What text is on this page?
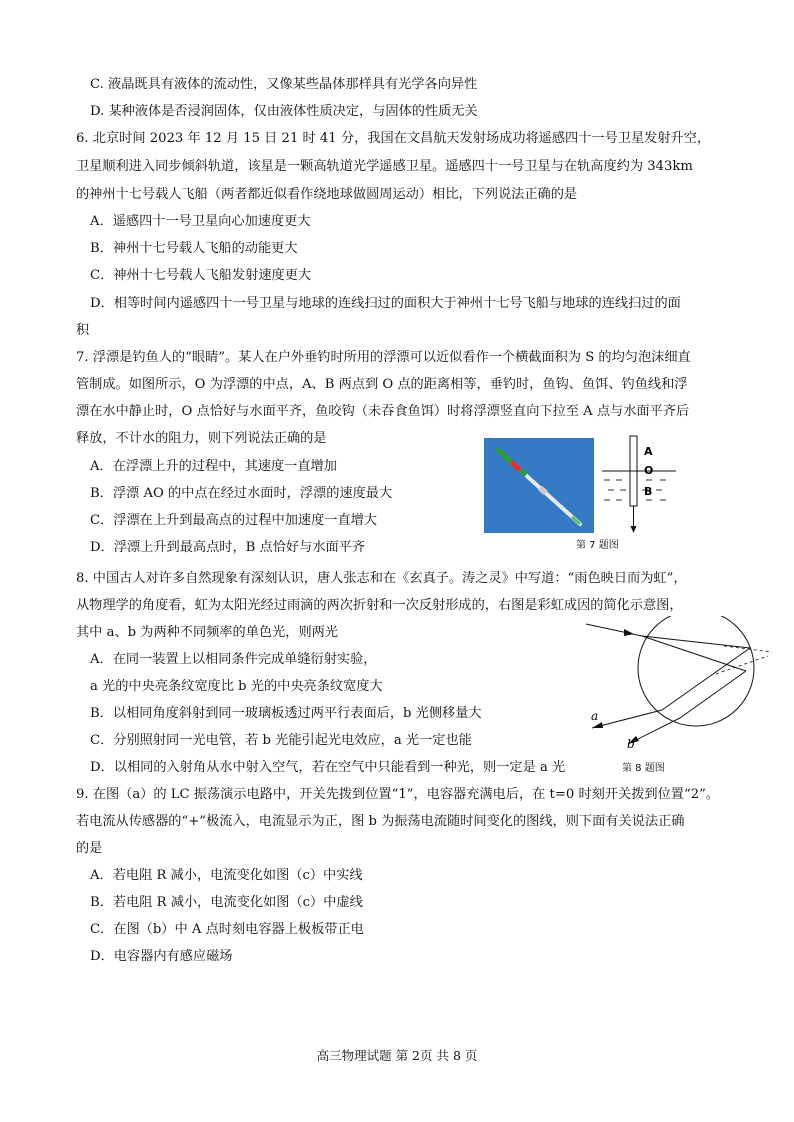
C. 液晶既具有液体的流动性，又像某些晶体那样具有光学各向异性
D. 某种液体是否浸润固体，仅由液体性质决定，与固体的性质无关
6. 北京时间 2023 年 12 月 15 日 21 时 41 分，我国在文昌航天发射场成功将遥感四十一号卫星发射升空，
卫星顺利进入同步倾斜轨道，该星是一颗高轨道光学遥感卫星。遥感四十一号卫星与在轨高度约为 343km
的神州十七号载人飞船（两者都近似看作绕地球做圆周运动）相比，下列说法正确的是
A．遥感四十一号卫星向心加速度更大
B．神州十七号载人飞船的动能更大
C．神州十七号载人飞船发射速度更大
D．相等时间内遥感四十一号卫星与地球的连线扫过的面积大于神州十七号飞船与地球的连线扫过的面
积
7. 浮漂是钓鱼人的“眼睛”。某人在户外垂钓时所用的浮漂可以近似看作一个横截面积为 S 的均匀泡沫细直
管制成。如图所示，O 为浮漂的中点，A、B 两点到 O 点的距离相等，垂钓时，鱼钩、鱼饵、钓鱼线和浮
漂在水中静止时，O 点恰好与水面平齐，鱼咬钩（未吞食鱼饵）时将浮漂竖直向下拉至 A 点与水面平齐后
释放，不计水的阻力，则下列说法正确的是
A．在浮漂上升的过程中，其速度一直增加
B．浮漂 AO 的中点在经过水面时，浮漂的速度最大
C．浮漂在上升到最高点的过程中加速度一直增大
D．浮漂上升到最高点时，B 点恰好与水面平齐
A
O
B
第 7 题图
8. 中国古人对许多自然现象有深刻认识，唐人张志和在《玄真子。涛之灵》中写道：“雨色映日而为虹”，
从物理学的角度看，虹为太阳光经过雨滴的两次折射和一次反射形成的，右图是彩虹成因的简化示意图，
其中 a、b 为两种不同频率的单色光，则两光
A．在同一装置上以相同条件完成单缝衍射实验，
a 光的中央亮条纹宽度比 b 光的中央亮条纹宽度大
B．以相同角度斜射到同一玻璃板透过两平行表面后，b 光侧移量大
C．分别照射同一光电管，若 b 光能引起光电效应，a 光一定也能
D．以相同的入射角从水中射入空气，若在空气中只能看到一种光，则一定是 a 光
a
b
第 8 题图
9. 在图（a）的 LC 振荡演示电路中，开关先拨到位置“1”，电容器充满电后，在 t=0 时刻开关拨到位置“2”。
若电流从传感器的“+”极流入，电流显示为正，图 b 为振荡电流随时间变化的图线，则下面有关说法正确
的是
A．若电阻 R 减小，电流变化如图（c）中实线
B．若电阻 R 减小，电流变化如图（c）中虚线
C．在图（b）中 A 点时刻电容器上极板带正电
D．电容器内有感应磁场
高三物理试题 第 2页 共 8 页
